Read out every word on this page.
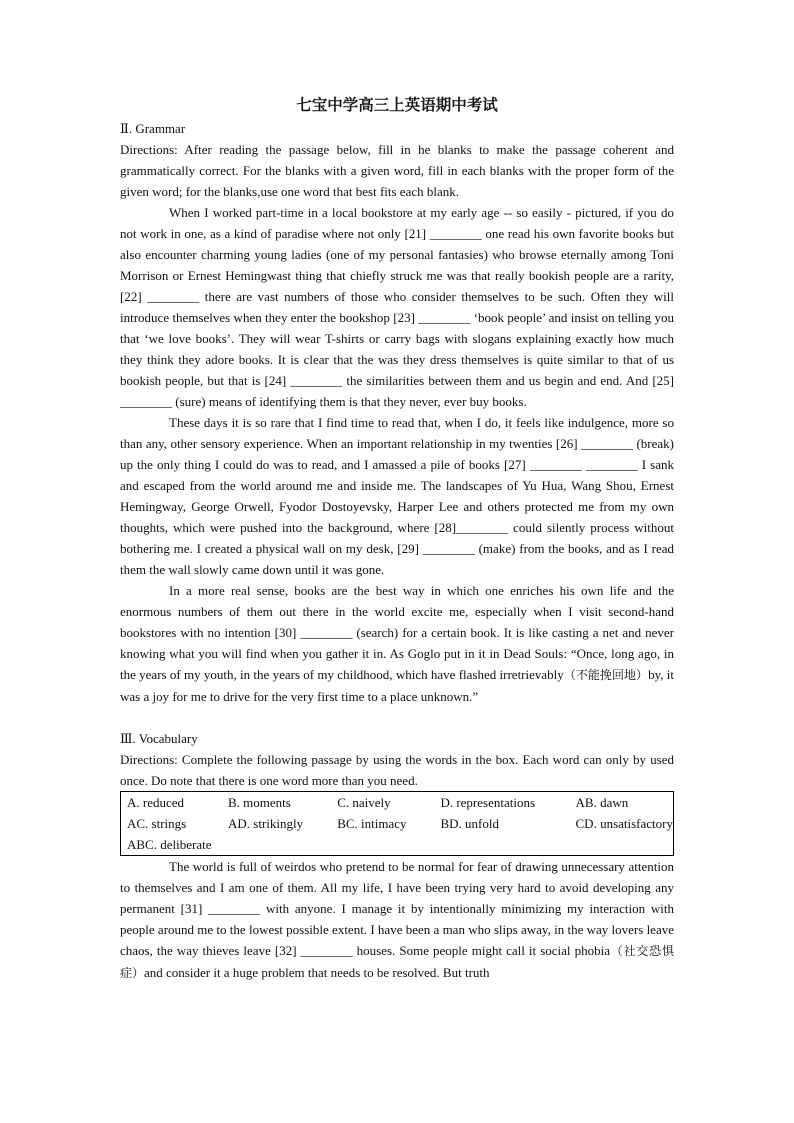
七宝中学高三上英语期中考试
Ⅱ. Grammar

Directions: After reading the passage below, fill in he blanks to make the passage coherent and grammatically correct. For the blanks with a given word, fill in each blanks with the proper form of the given word; for the blanks,use one word that best fits each blank.

When I worked part-time in a local bookstore at my early age -- so easily - pictured, if you do not work in one, as a kind of paradise where not only [21] ________ one read his own favorite books but also encounter charming young ladies (one of my personal fantasies) who browse eternally among Toni Morrison or Ernest Hemingwast thing that chiefly struck me was that really bookish people are a rarity, [22] ________ there are vast numbers of those who consider themselves to be such. Often they will introduce themselves when they enter the bookshop [23] ________ ‘book people’ and insist on telling you that ‘we love books’. They will wear T-shirts or carry bags with slogans explaining exactly how much they think they adore books. It is clear that the was they dress themselves is quite similar to that of us bookish people, but that is [24] ________ the similarities between them and us begin and end. And [25] ________ (sure) means of identifying them is that they never, ever buy books.

These days it is so rare that I find time to read that, when I do, it feels like indulgence, more so than any, other sensory experience. When an important relationship in my twenties [26] ________ (break) up the only thing I could do was to read, and I amassed a pile of books [27] ________ ________ I sank and escaped from the world around me and inside me. The landscapes of Yu Hua, Wang Shou, Ernest Hemingway, George Orwell, Fyodor Dostoyevsky, Harper Lee and others protected me from my own thoughts, which were pushed into the background, where [28]________ could silently process without bothering me. I created a physical wall on my desk, [29] ________ (make) from the books, and as I read them the wall slowly came down until it was gone.

In a more real sense, books are the best way in which one enriches his own life and the enormous numbers of them out there in the world excite me, especially when I visit second-hand bookstores with no intention [30] ________ (search) for a certain book. It is like casting a net and never knowing what you will find when you gather it in. As Goglo put in it in Dead Souls: “Once, long ago, in the years of my youth, in the years of my childhood, which have flashed irretrievably（不能挽回地）by, it was a joy for me to drive for the very first time to a place unknown.”

Ⅲ. Vocabulary

Directions: Complete the following passage by using the words in the box. Each word can only by used once. Do note that there is one word more than you need.

A. reduced	B. moments	C. naively	D. representations	AB. dawn
AC. strings	AD. strikingly	BC. intimacy	BD. unfold	CD. unsatisfactory
ABC. deliberate				

The world is full of weirdos who pretend to be normal for fear of drawing unnecessary attention to themselves and I am one of them. All my life, I have been trying very hard to avoid developing any permanent [31] ________ with anyone. I manage it by intentionally minimizing my interaction with people around me to the lowest possible extent. I have been a man who slips away, in the way lovers leave chaos, the way thieves leave [32] ________ houses. Some people might call it social phobia（社交恐惧症）and consider it a huge problem that needs to be resolved. But truth
